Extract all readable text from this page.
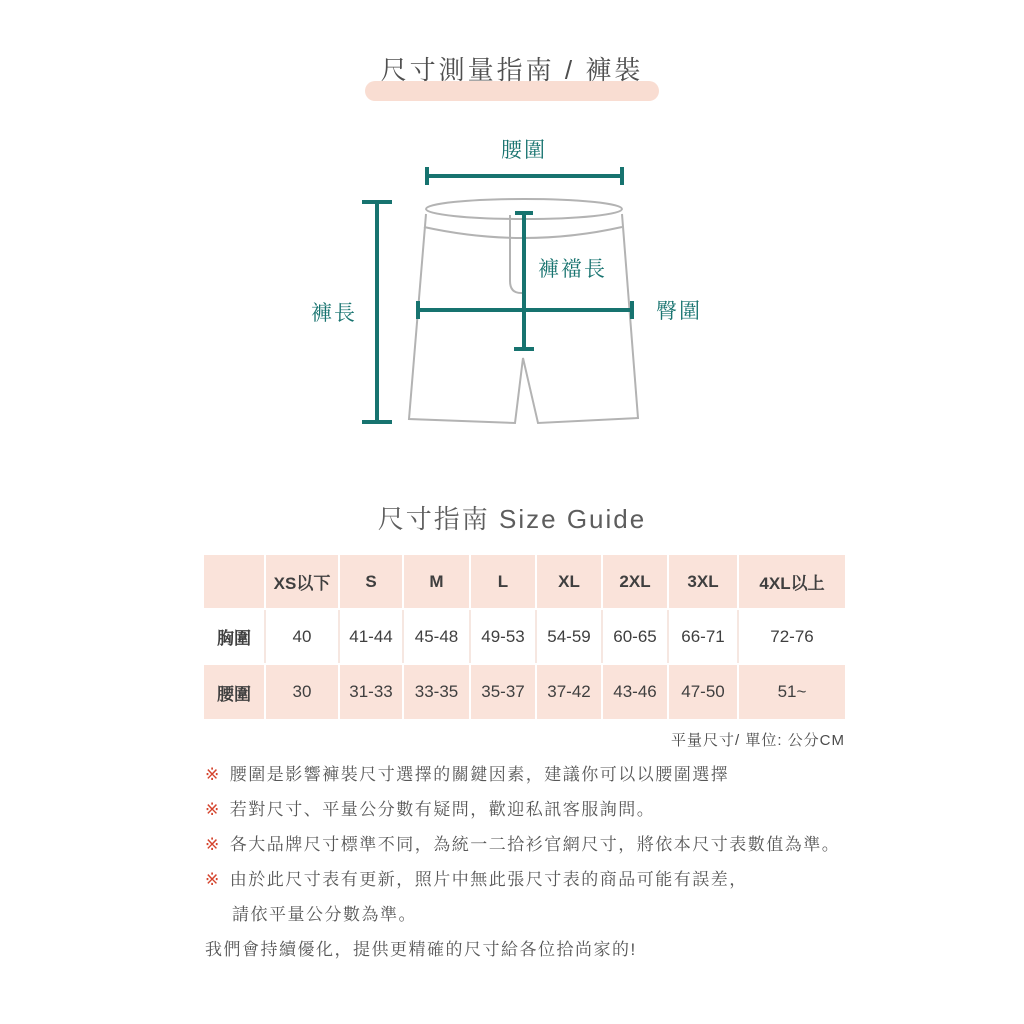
尺寸測量指南 / 褲裝
腰圍
褲長
褲襠長
臀圍
尺寸指南 Size Guide
	XS以下	S	M	L	XL	2XL	3XL	4XL以上
胸圍	40	41-44	45-48	49-53	54-59	60-65	66-71	72-76
腰圍	30	31-33	33-35	35-37	37-42	43-46	47-50	51~
平量尺寸/ 單位: 公分CM
※ 腰圍是影響褲裝尺寸選擇的關鍵因素，建議你可以以腰圍選擇
※ 若對尺寸、平量公分數有疑問，歡迎私訊客服詢問。
※ 各大品牌尺寸標準不同，為統一二拾衫官網尺寸，將依本尺寸表數值為準。
※ 由於此尺寸表有更新，照片中無此張尺寸表的商品可能有誤差，
請依平量公分數為準。
我們會持續優化，提供更精確的尺寸給各位拾尚家的!
